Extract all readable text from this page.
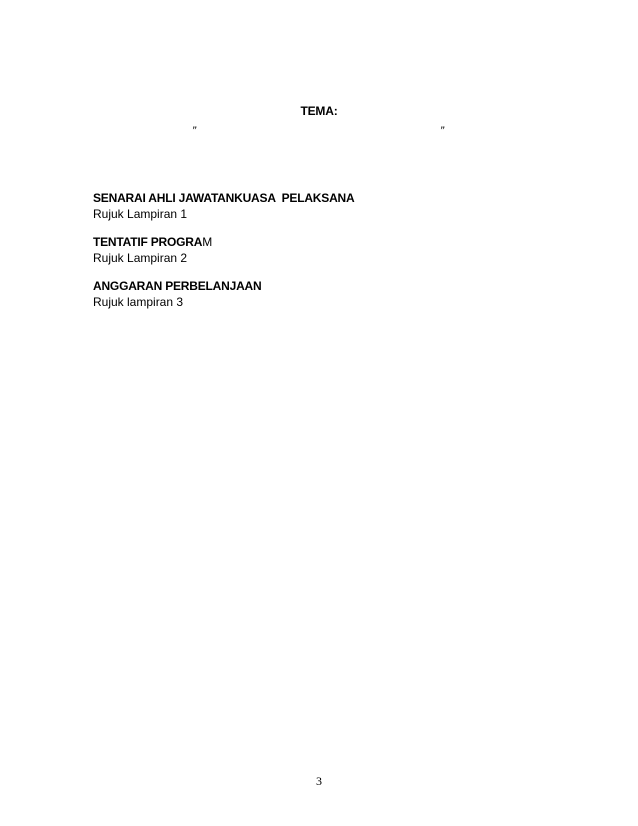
TEMA:
”	”
SENARAI AHLI JAWATANKUASA  PELAKSANA
Rujuk Lampiran 1
TENTATIF PROGRAM
Rujuk Lampiran 2
ANGGARAN PERBELANJAAN
Rujuk lampiran 3
3
